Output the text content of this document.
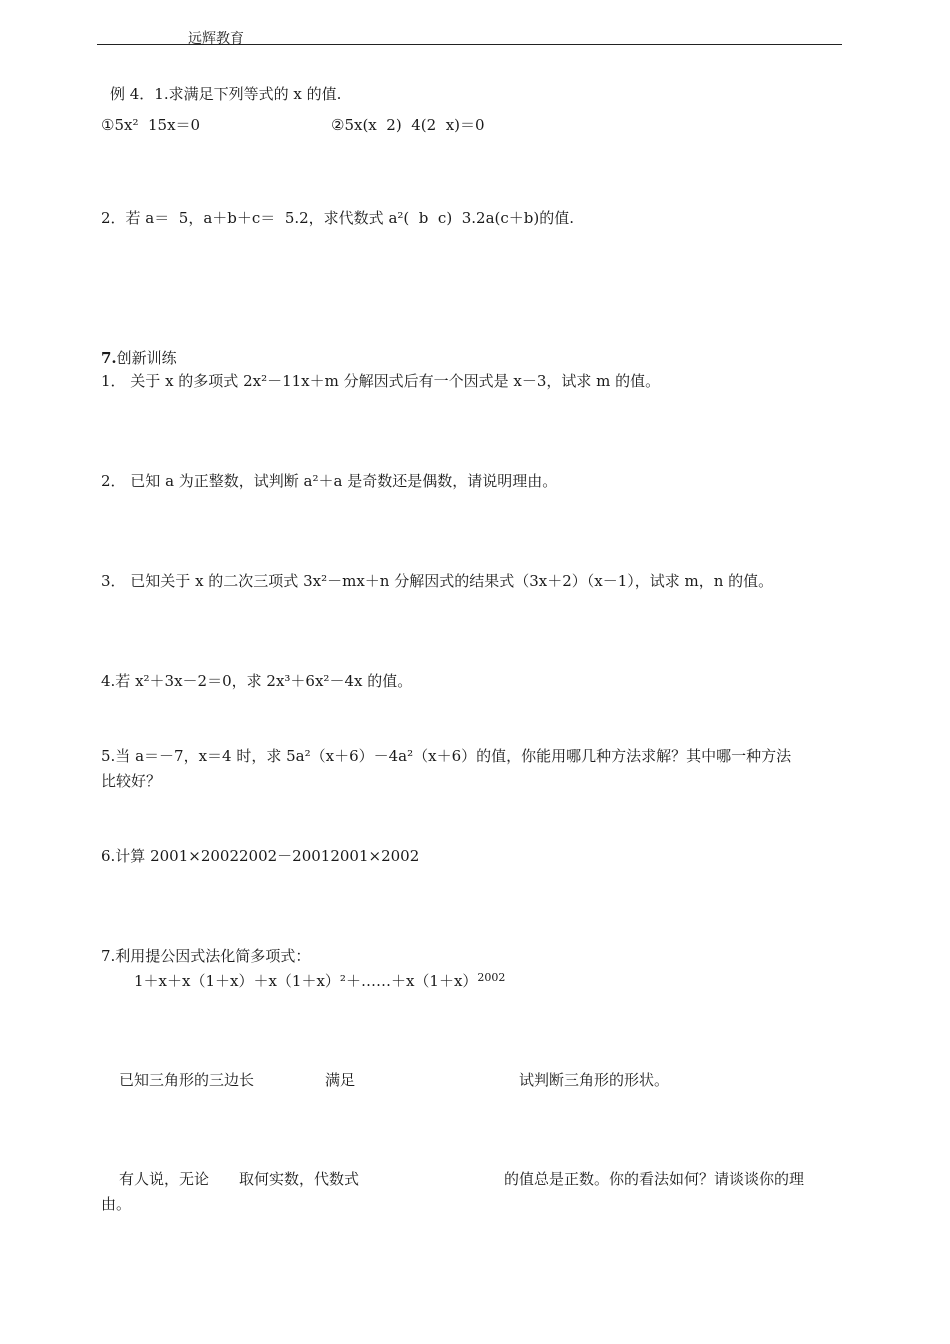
远辉教育
例 4．1.求满足下列等式的 x 的值.
①5x²  15x＝0	②5x(x  2)  4(2  x)＝0
2．若 a＝  5，a＋b＋c＝  5.2，求代数式 a²(  b  c)  3.2a(c＋b)的值.
7.创新训练
1． 关于 x 的多项式 2x²－11x＋m 分解因式后有一个因式是 x－3，试求 m 的值。
2． 已知 a 为正整数，试判断 a²＋a 是奇数还是偶数，请说明理由。
3． 已知关于 x 的二次三项式 3x²－mx＋n 分解因式的结果式（3x＋2）（x－1），试求 m，n 的值。
4.若 x²＋3x－2＝0，求 2x³＋6x²－4x 的值。
5.当 a＝－7，x＝4 时，求 5a²（x＋6）－4a²（x＋6）的值，你能用哪几种方法求解？其中哪一种方法
比较好？
6.计算 2001×20022002－20012001×2002
7.利用提公因式法化简多项式：
$1+x+x(1+x)+x(1+x)^2+\dots\dots+x(1+x)^{2002}$
已知三角形的三边长	满足	试判断三角形的形状。
有人说，无论 取何实数，代数式	的值总是正数。你的看法如何？请谈谈你的理
由。
